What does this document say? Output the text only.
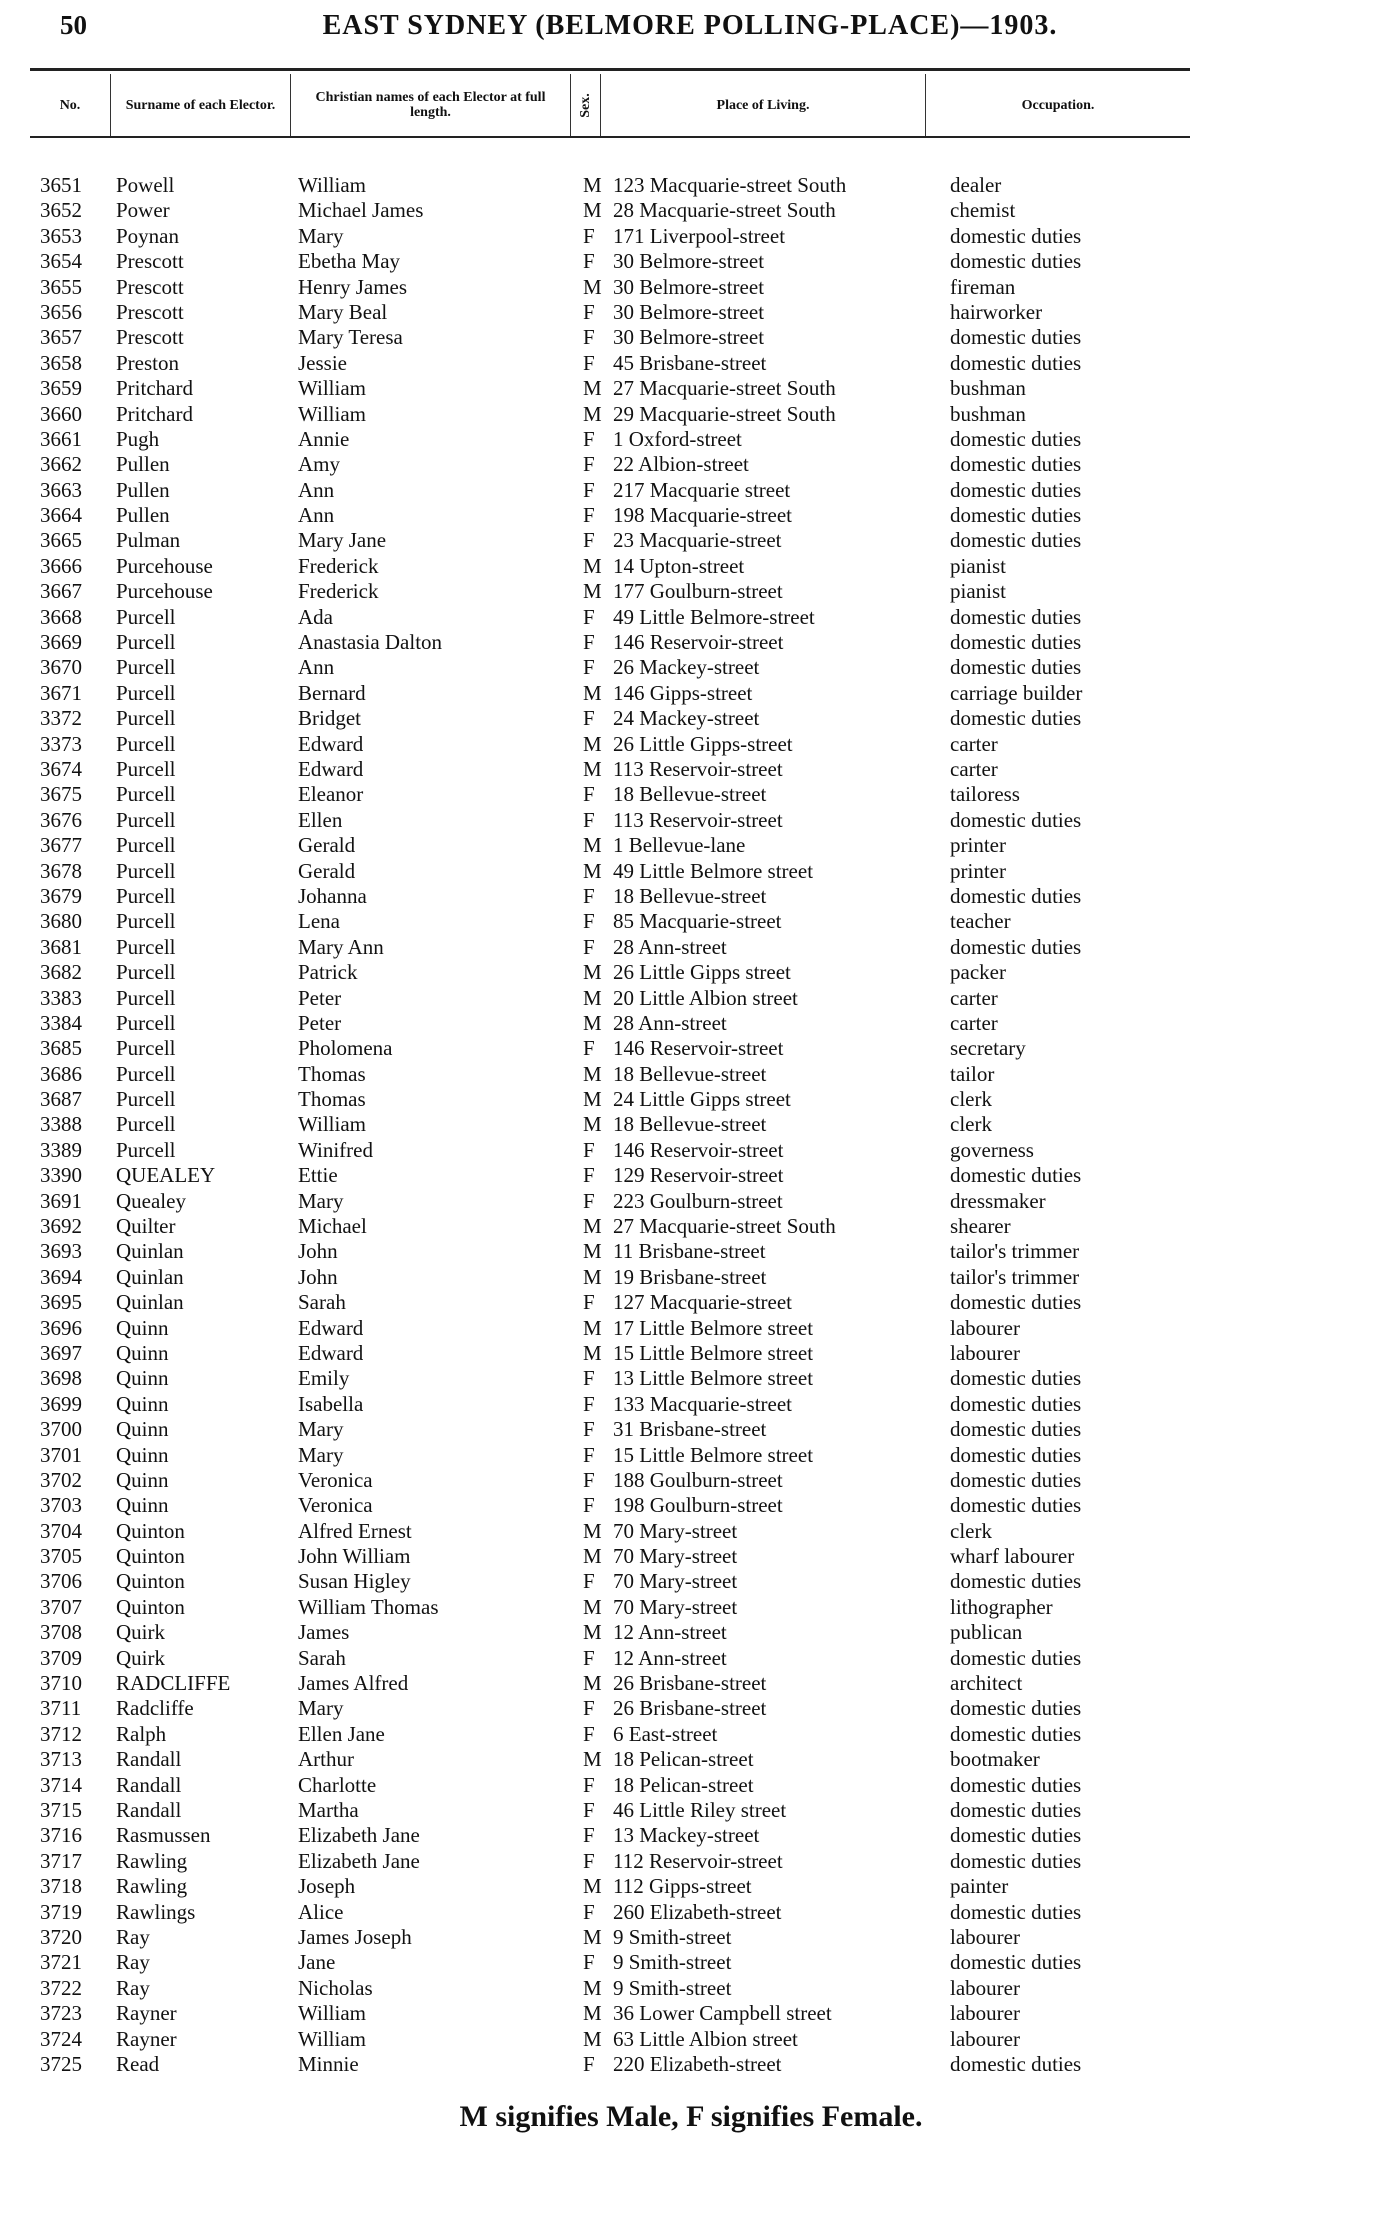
50	EAST SYDNEY (BELMORE POLLING-PLACE)—1903.
No.	Surname of each Elector.	Christian names of each Elector at full length.	Sex.	Place of Living.	Occupation.
3651 Powell	William	M 123 Macquarie-street South	dealer
3652 Power	Michael James	M 28 Macquarie-street South	chemist
3653 Poynan	Mary	F 171 Liverpool-street	domestic duties
3654 Prescott	Ebetha May	F 30 Belmore-street	domestic duties
3655 Prescott	Henry James	M 30 Belmore-street	fireman
3656 Prescott	Mary Beal	F 30 Belmore-street	hairworker
3657 Prescott	Mary Teresa	F 30 Belmore-street	domestic duties
3658 Preston	Jessie	F 45 Brisbane-street	domestic duties
3659 Pritchard	William	M 27 Macquarie-street South	bushman
3660 Pritchard	William	M 29 Macquarie-street South	bushman
3661 Pugh	Annie	F 1 Oxford-street	domestic duties
3662 Pullen	Amy	F 22 Albion-street	domestic duties
3663 Pullen	Ann	F 217 Macquarie street	domestic duties
3664 Pullen	Ann	F 198 Macquarie-street	domestic duties
3665 Pulman	Mary Jane	F 23 Macquarie-street	domestic duties
3666 Purcehouse	Frederick	M 14 Upton-street	pianist
3667 Purcehouse	Frederick	M 177 Goulburn-street	pianist
3668 Purcell	Ada	F 49 Little Belmore-street	domestic duties
3669 Purcell	Anastasia Dalton	F 146 Reservoir-street	domestic duties
3670 Purcell	Ann	F 26 Mackey-street	domestic duties
3671 Purcell	Bernard	M 146 Gipps-street	carriage builder
3372 Purcell	Bridget	F 24 Mackey-street	domestic duties
3373 Purcell	Edward	M 26 Little Gipps-street	carter
3674 Purcell	Edward	M 113 Reservoir-street	carter
3675 Purcell	Eleanor	F 18 Bellevue-street	tailoress
3676 Purcell	Ellen	F 113 Reservoir-street	domestic duties
3677 Purcell	Gerald	M 1 Bellevue-lane	printer
3678 Purcell	Gerald	M 49 Little Belmore street	printer
3679 Purcell	Johanna	F 18 Bellevue-street	domestic duties
3680 Purcell	Lena	F 85 Macquarie-street	teacher
3681 Purcell	Mary Ann	F 28 Ann-street	domestic duties
3682 Purcell	Patrick	M 26 Little Gipps street	packer
3383 Purcell	Peter	M 20 Little Albion street	carter
3384 Purcell	Peter	M 28 Ann-street	carter
3685 Purcell	Pholomena	F 146 Reservoir-street	secretary
3686 Purcell	Thomas	M 18 Bellevue-street	tailor
3687 Purcell	Thomas	M 24 Little Gipps street	clerk
3388 Purcell	William	M 18 Bellevue-street	clerk
3389 Purcell	Winifred	F 146 Reservoir-street	governess
3390 QUEALEY	Ettie	F 129 Reservoir-street	domestic duties
3691 Quealey	Mary	F 223 Goulburn-street	dressmaker
3692 Quilter	Michael	M 27 Macquarie-street South	shearer
3693 Quinlan	John	M 11 Brisbane-street	tailor's trimmer
3694 Quinlan	John	M 19 Brisbane-street	tailor's trimmer
3695 Quinlan	Sarah	F 127 Macquarie-street	domestic duties
3696 Quinn	Edward	M 17 Little Belmore street	labourer
3697 Quinn	Edward	M 15 Little Belmore street	labourer
3698 Quinn	Emily	F 13 Little Belmore street	domestic duties
3699 Quinn	Isabella	F 133 Macquarie-street	domestic duties
3700 Quinn	Mary	F 31 Brisbane-street	domestic duties
3701 Quinn	Mary	F 15 Little Belmore street	domestic duties
3702 Quinn	Veronica	F 188 Goulburn-street	domestic duties
3703 Quinn	Veronica	F 198 Goulburn-street	domestic duties
3704 Quinton	Alfred Ernest	M 70 Mary-street	clerk
3705 Quinton	John William	M 70 Mary-street	wharf labourer
3706 Quinton	Susan Higley	F 70 Mary-street	domestic duties
3707 Quinton	William Thomas	M 70 Mary-street	lithographer
3708 Quirk	James	M 12 Ann-street	publican
3709 Quirk	Sarah	F 12 Ann-street	domestic duties
3710 RADCLIFFE	James Alfred	M 26 Brisbane-street	architect
3711 Radcliffe	Mary	F 26 Brisbane-street	domestic duties
3712 Ralph	Ellen Jane	F 6 East-street	domestic duties
3713 Randall	Arthur	M 18 Pelican-street	bootmaker
3714 Randall	Charlotte	F 18 Pelican-street	domestic duties
3715 Randall	Martha	F 46 Little Riley street	domestic duties
3716 Rasmussen	Elizabeth Jane	F 13 Mackey-street	domestic duties
3717 Rawling	Elizabeth Jane	F 112 Reservoir-street	domestic duties
3718 Rawling	Joseph	M 112 Gipps-street	painter
3719 Rawlings	Alice	F 260 Elizabeth-street	domestic duties
3720 Ray	James Joseph	M 9 Smith-street	labourer
3721 Ray	Jane	F 9 Smith-street	domestic duties
3722 Ray	Nicholas	M 9 Smith-street	labourer
3723 Rayner	William	M 36 Lower Campbell street	labourer
3724 Rayner	William	M 63 Little Albion street	labourer
3725 Read	Minnie	F 220 Elizabeth-street	domestic duties
M signifies Male, F signifies Female.
